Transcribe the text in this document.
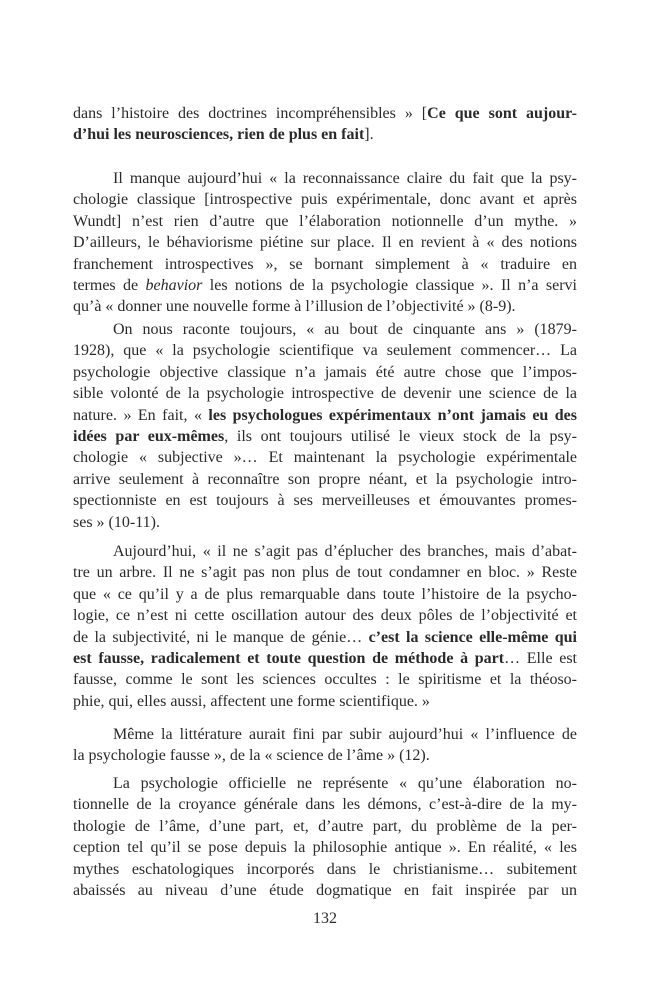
dans l’histoire des doctrines incompréhensibles » [Ce que sont aujour-
d’hui les neurosciences, rien de plus en fait].
Il manque aujourd’hui « la reconnaissance claire du fait que la psy-
chologie classique [introspective puis expérimentale, donc avant et après
Wundt] n’est rien d’autre que l’élaboration notionnelle d’un mythe. »
D’ailleurs, le béhaviorisme piétine sur place. Il en revient à « des notions
franchement introspectives », se bornant simplement à « traduire en
termes de behavior les notions de la psychologie classique ». Il n’a servi
qu’à « donner une nouvelle forme à l’illusion de l’objectivité » (8-9).
On nous raconte toujours, « au bout de cinquante ans » (1879-
1928), que « la psychologie scientifique va seulement commencer… La
psychologie objective classique n’a jamais été autre chose que l’impos-
sible volonté de la psychologie introspective de devenir une science de la
nature. » En fait, « les psychologues expérimentaux n’ont jamais eu des
idées par eux-mêmes, ils ont toujours utilisé le vieux stock de la psy-
chologie « subjective »… Et maintenant la psychologie expérimentale
arrive seulement à reconnaître son propre néant, et la psychologie intro-
spectionniste en est toujours à ses merveilleuses et émouvantes promes-
ses » (10-11).
Aujourd’hui, « il ne s’agit pas d’éplucher des branches, mais d’abat-
tre un arbre. Il ne s’agit pas non plus de tout condamner en bloc. » Reste
que « ce qu’il y a de plus remarquable dans toute l’histoire de la psycho-
logie, ce n’est ni cette oscillation autour des deux pôles de l’objectivité et
de la subjectivité, ni le manque de génie… c’est la science elle-même qui
est fausse, radicalement et toute question de méthode à part… Elle est
fausse, comme le sont les sciences occultes : le spiritisme et la théoso-
phie, qui, elles aussi, affectent une forme scientifique. »
Même la littérature aurait fini par subir aujourd’hui « l’influence de
la psychologie fausse », de la « science de l’âme » (12).
La psychologie officielle ne représente « qu’une élaboration no-
tionnelle de la croyance générale dans les démons, c’est-à-dire de la my-
thologie de l’âme, d’une part, et, d’autre part, du problème de la per-
ception tel qu’il se pose depuis la philosophie antique ». En réalité, « les
mythes eschatologiques incorporés dans le christianisme… subitement
abaissés au niveau d’une étude dogmatique en fait inspirée par un
132
